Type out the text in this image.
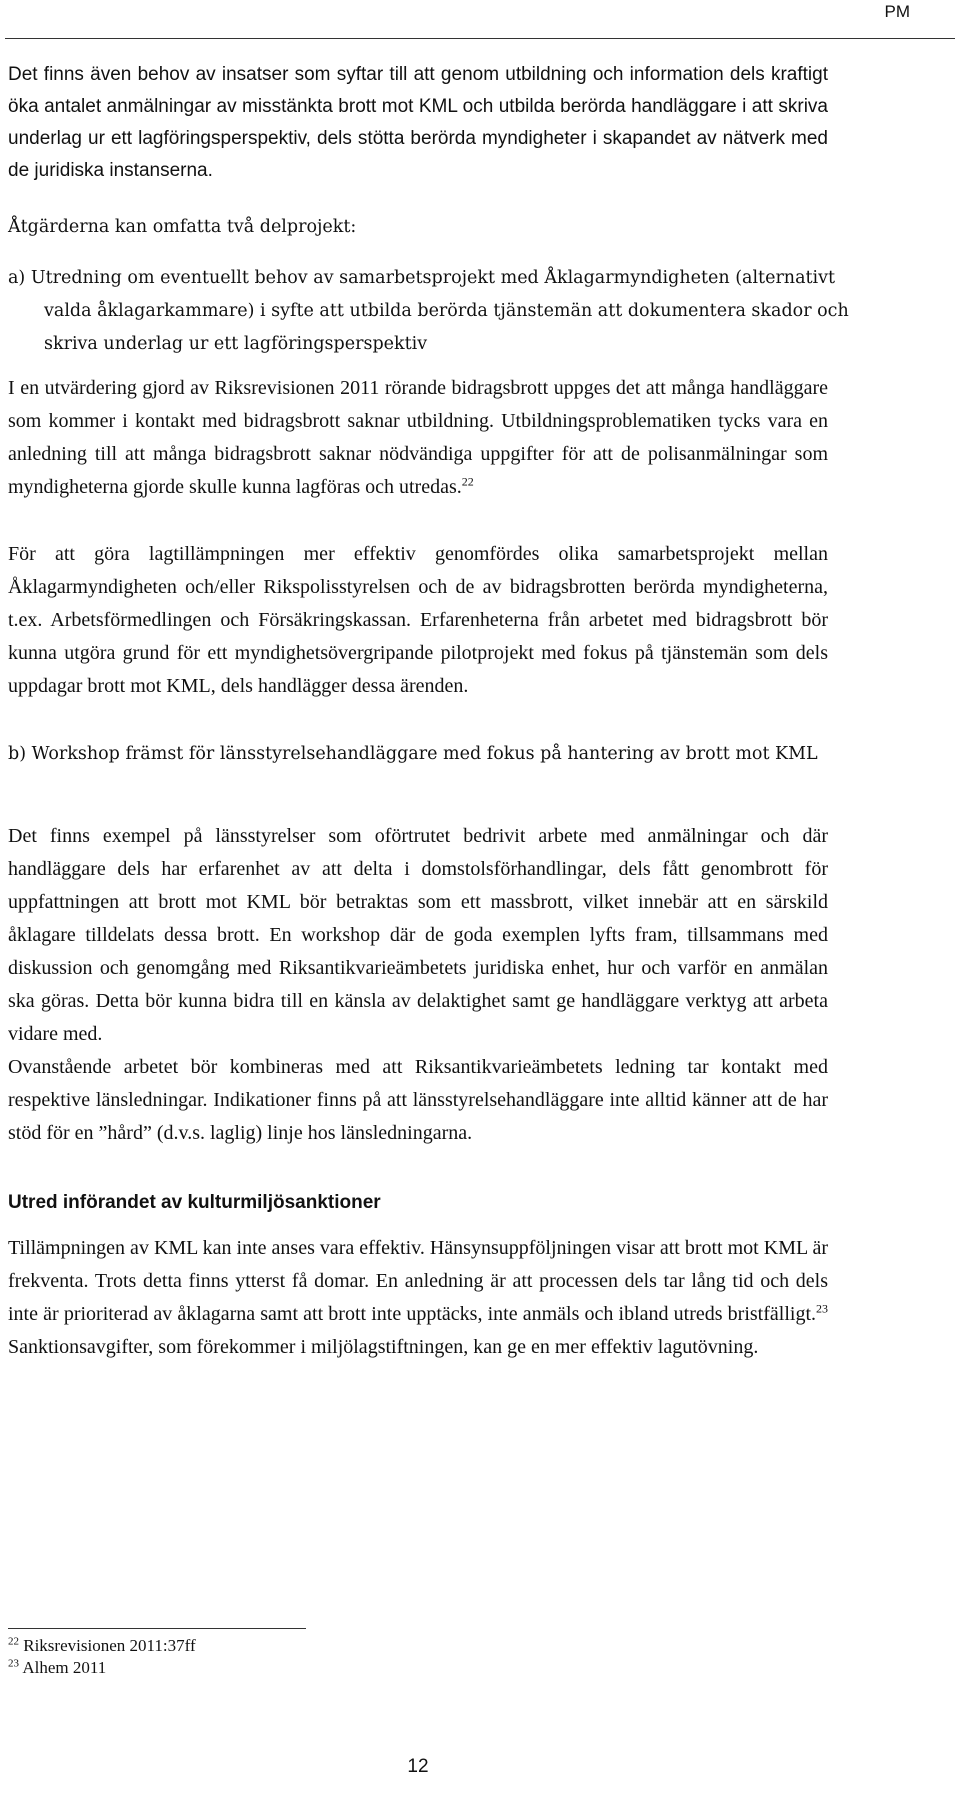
PM

Det finns även behov av insatser som syftar till att genom utbildning och information dels kraftigt öka antalet anmälningar av misstänkta brott mot KML och utbilda berörda handläggare i att skriva underlag ur ett lagföringsperspektiv, dels stötta berörda myndigheter i skapandet av nätverk med de juridiska instanserna.

Åtgärderna kan omfatta två delprojekt:

a) Utredning om eventuellt behov av samarbetsprojekt med Åklagarmyndigheten (alternativt valda åklagarkammare) i syfte att utbilda berörda tjänstemän att dokumentera skador och skriva underlag ur ett lagföringsperspektiv

I en utvärdering gjord av Riksrevisionen 2011 rörande bidragsbrott uppges det att många handläggare som kommer i kontakt med bidragsbrott saknar utbildning. Utbildningsproblematiken tycks vara en anledning till att många bidragsbrott saknar nödvändiga uppgifter för att de polisanmälningar som myndigheterna gjorde skulle kunna lagföras och utredas.$^{22}$

För att göra lagtillämpningen mer effektiv genomfördes olika samarbetsprojekt mellan Åklagarmyndigheten och/eller Rikspolisstyrelsen och de av bidragsbrotten berörda myndigheterna, t.ex. Arbetsförmedlingen och Försäkringskassan. Erfarenheterna från arbetet med bidragsbrott bör kunna utgöra grund för ett myndighetsövergripande pilotprojekt med fokus på tjänstemän som dels uppdagar brott mot KML, dels handlägger dessa ärenden.

b) Workshop främst för länsstyrelsehandläggare med fokus på hantering av brott mot KML

Det finns exempel på länsstyrelser som oförtrutet bedrivit arbete med anmälningar och där handläggare dels har erfarenhet av att delta i domstolsförhandlingar, dels fått genombrott för uppfattningen att brott mot KML bör betraktas som ett massbrott, vilket innebär att en särskild åklagare tilldelats dessa brott. En workshop där de goda exemplen lyfts fram, tillsammans med diskussion och genomgång med Riksantikvarieämbetets juridiska enhet, hur och varför en anmälan ska göras. Detta bör kunna bidra till en känsla av delaktighet samt ge handläggare verktyg att arbeta vidare med.

Ovanstående arbetet bör kombineras med att Riksantikvarieämbetets ledning tar kontakt med respektive länsledningar. Indikationer finns på att länsstyrelsehandläggare inte alltid känner att de har stöd för en ”hård” (d.v.s. laglig) linje hos länsledningarna.

Utred införandet av kulturmiljösanktioner

Tillämpningen av KML kan inte anses vara effektiv. Hänsynsuppföljningen visar att brott mot KML är frekventa. Trots detta finns ytterst få domar. En anledning är att processen dels tar lång tid och dels inte är prioriterad av åklagarna samt att brott inte upptäcks, inte anmäls och ibland utreds bristfälligt.$^{23}$ Sanktionsavgifter, som förekommer i miljölagstiftningen, kan ge en mer effektiv lagutövning.

$^{22}$ Riksrevisionen 2011:37ff

$^{23}$ Alhem 2011

12
